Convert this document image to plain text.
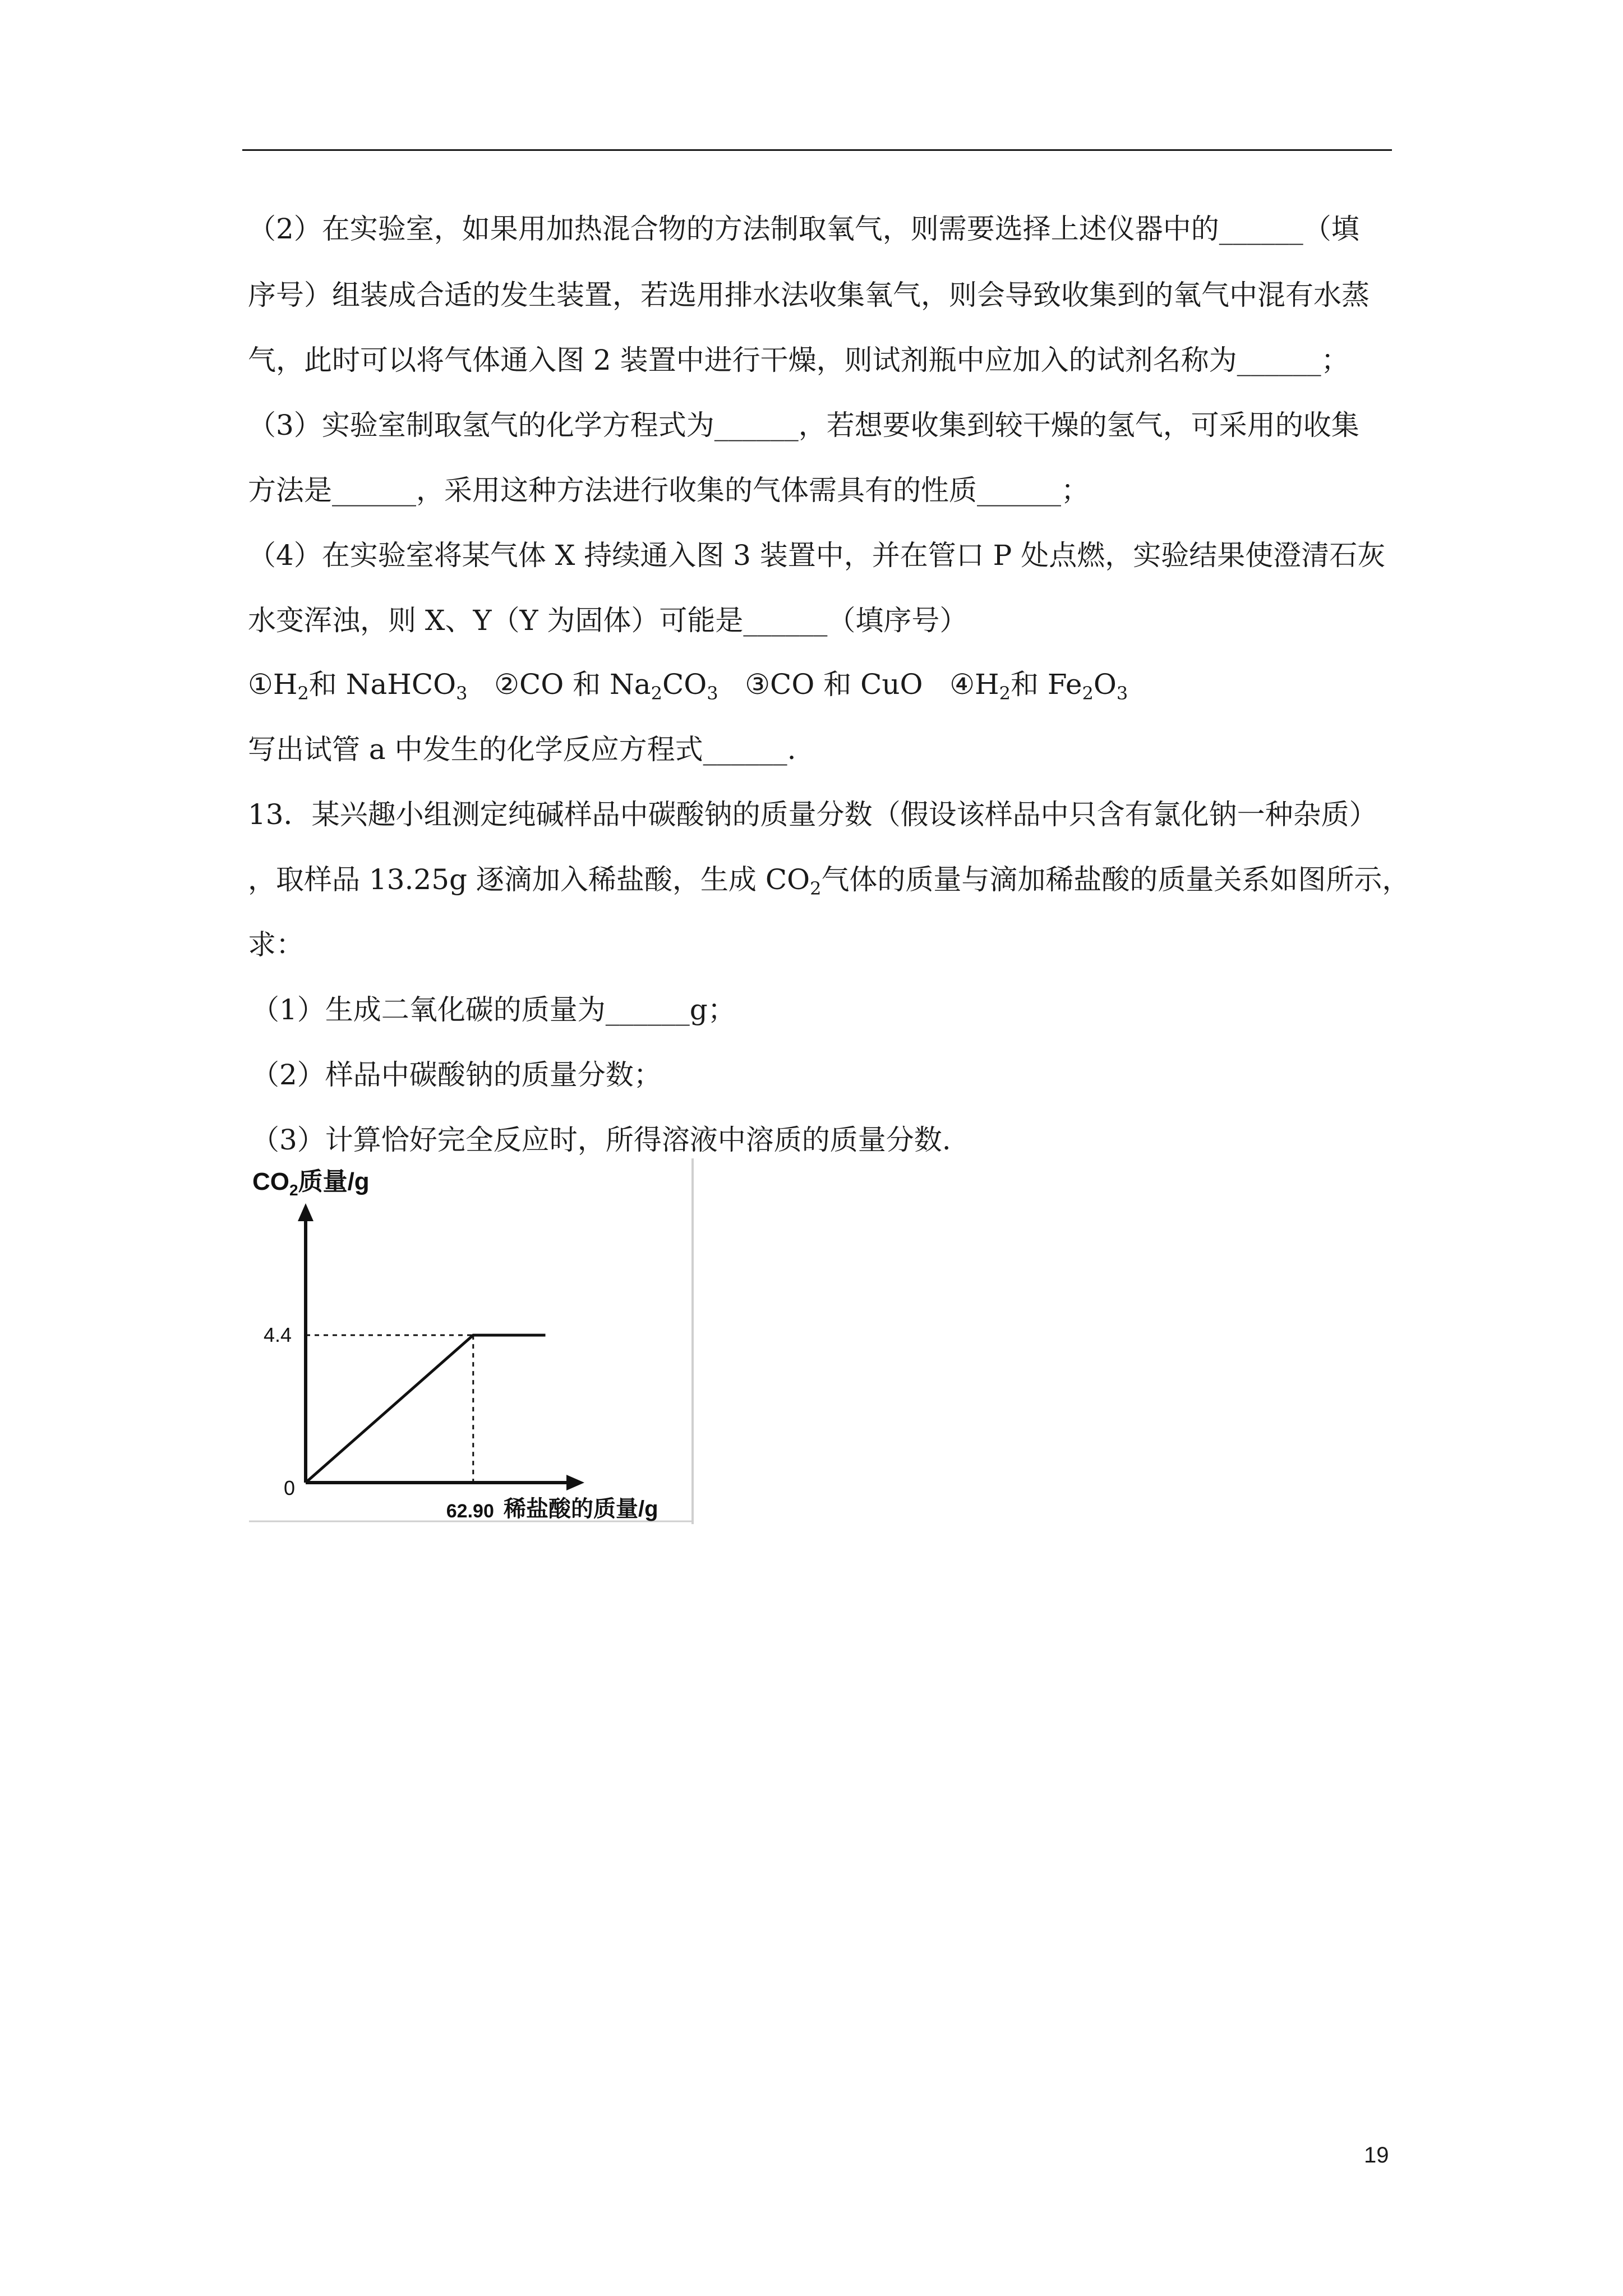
（2）在实验室，如果用加热混合物的方法制取氧气，则需要选择上述仪器中的______（填
序号）组装成合适的发生装置，若选用排水法收集氧气，则会导致收集到的氧气中混有水蒸
气，此时可以将气体通入图 2 装置中进行干燥，则试剂瓶中应加入的试剂名称为______；
（3）实验室制取氢气的化学方程式为______，若想要收集到较干燥的氢气，可采用的收集
方法是______，采用这种方法进行收集的气体需具有的性质______；
（4）在实验室将某气体 X 持续通入图 3 装置中，并在管口 P 处点燃，实验结果使澄清石灰
水变浑浊，则 X、Y（Y 为固体）可能是______（填序号）
$①H_2$和 NaHCO$_3$ ②CO 和 $Na_2CO_3$ ③CO 和 CuO $④H_2$和 $Fe_2O_3$
写出试管 a 中发生的化学反应方程式______.
13．某兴趣小组测定纯碱样品中碳酸钠的质量分数（假设该样品中只含有氯化钠一种杂质）
，取样品 13.25g 逐滴加入稀盐酸，生成 $CO_2$气体的质量与滴加稀盐酸的质量关系如图所示，
求：
（1）生成二氧化碳的质量为______g；
（2）样品中碳酸钠的质量分数；
（3）计算恰好完全反应时，所得溶液中溶质的质量分数.
$CO_2$质量/g
4.4
0
62.90 稀盐酸的质量/g
19
